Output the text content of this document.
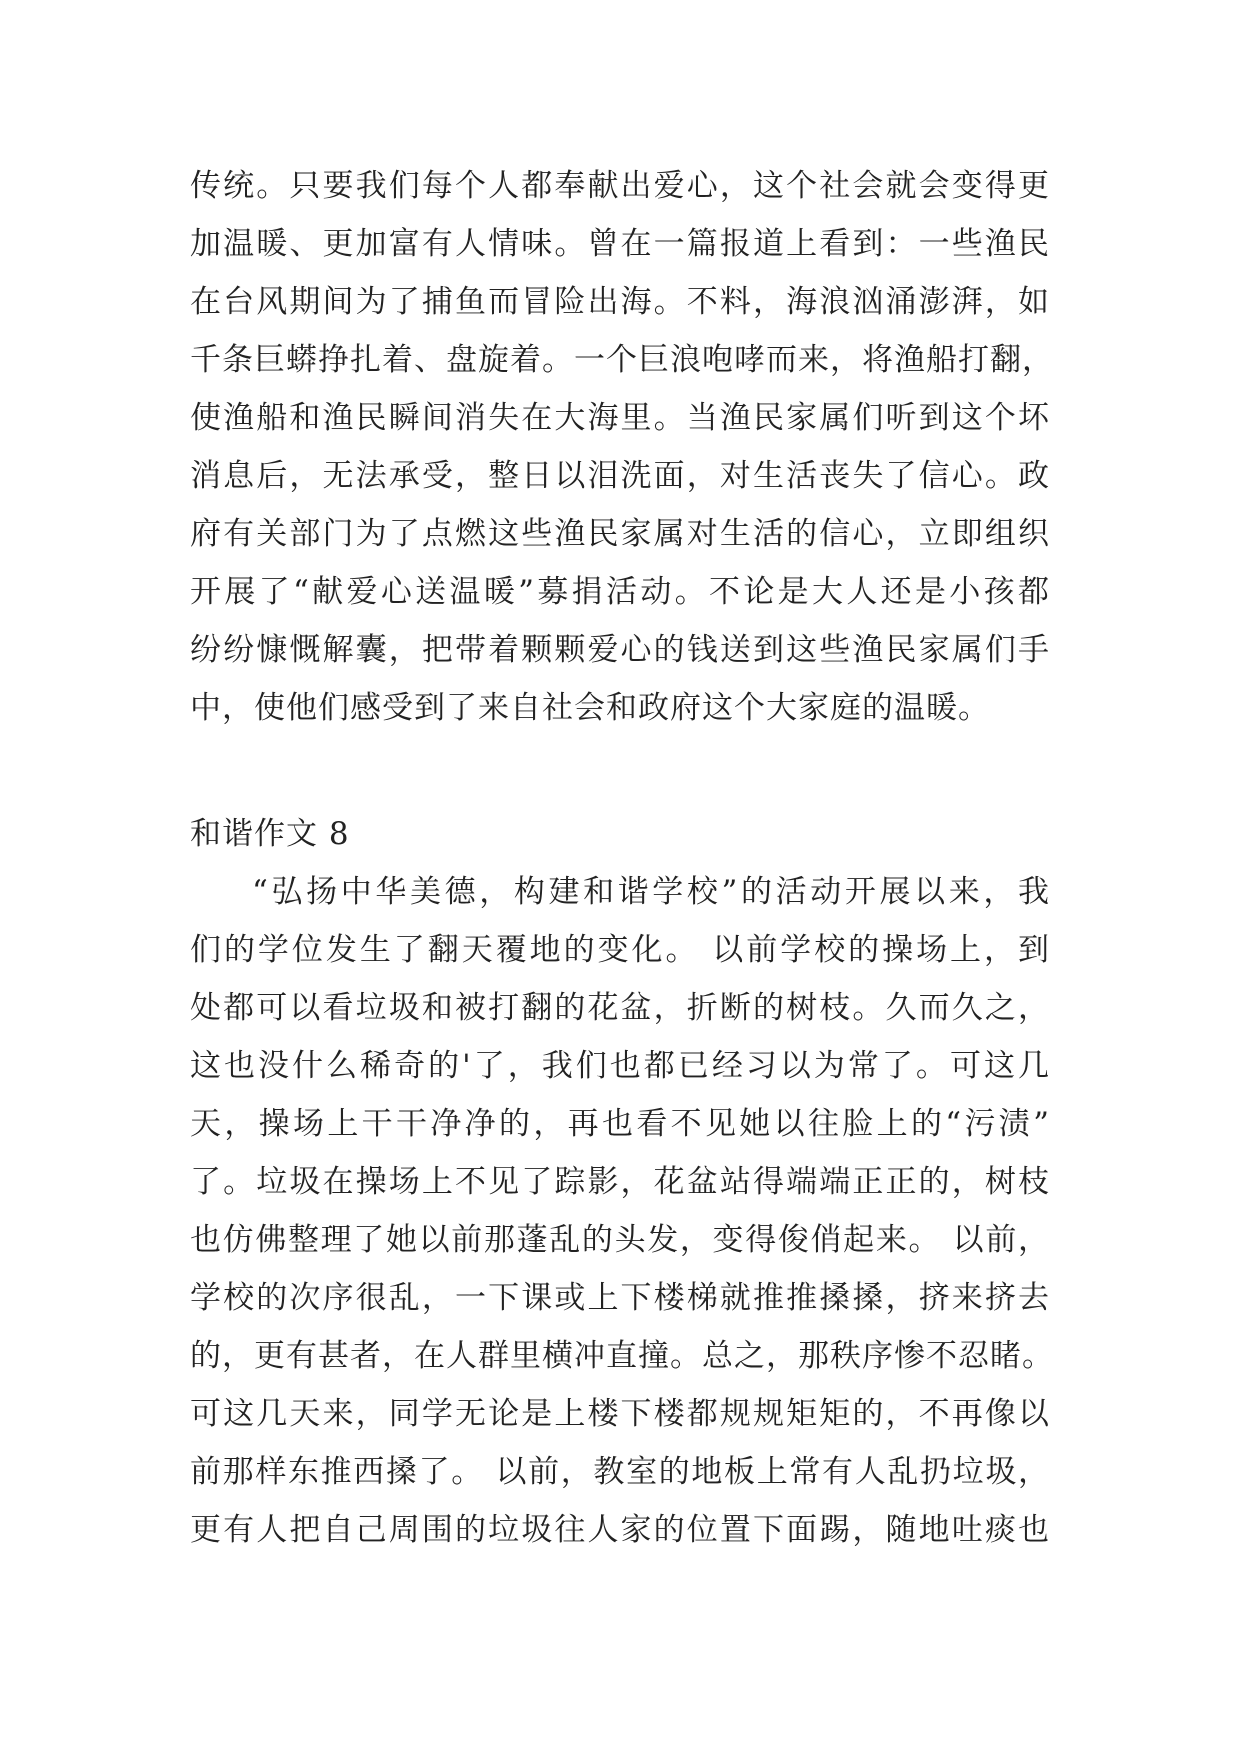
传统。只要我们每个人都奉献出爱心，这个社会就会变得更
加温暖、更加富有人情味。曾在一篇报道上看到：一些渔民
在台风期间为了捕鱼而冒险出海。不料，海浪汹涌澎湃，如
千条巨蟒挣扎着、盘旋着。一个巨浪咆哮而来，将渔船打翻，
使渔船和渔民瞬间消失在大海里。当渔民家属们听到这个坏
消息后，无法承受，整日以泪洗面，对生活丧失了信心。政
府有关部门为了点燃这些渔民家属对生活的信心，立即组织
开展了“献爱心送温暖”募捐活动。不论是大人还是小孩都
纷纷慷慨解囊，把带着颗颗爱心的钱送到这些渔民家属们手
中，使他们感受到了来自社会和政府这个大家庭的温暖。
和谐作文 8
“弘扬中华美德，构建和谐学校”的活动开展以来，我
们的学位发生了翻天覆地的变化。 以前学校的操场上，到
处都可以看垃圾和被打翻的花盆，折断的树枝。久而久之，
这也没什么稀奇的'了，我们也都已经习以为常了。可这几
天，操场上干干净净的，再也看不见她以往脸上的“污渍”
了。垃圾在操场上不见了踪影，花盆站得端端正正的，树枝
也仿佛整理了她以前那蓬乱的头发，变得俊俏起来。 以前，
学校的次序很乱，一下课或上下楼梯就推推搡搡，挤来挤去
的，更有甚者，在人群里横冲直撞。总之，那秩序惨不忍睹。
可这几天来，同学无论是上楼下楼都规规矩矩的，不再像以
前那样东推西搡了。 以前，教室的地板上常有人乱扔垃圾，
更有人把自己周围的垃圾往人家的位置下面踢，随地吐痰也
